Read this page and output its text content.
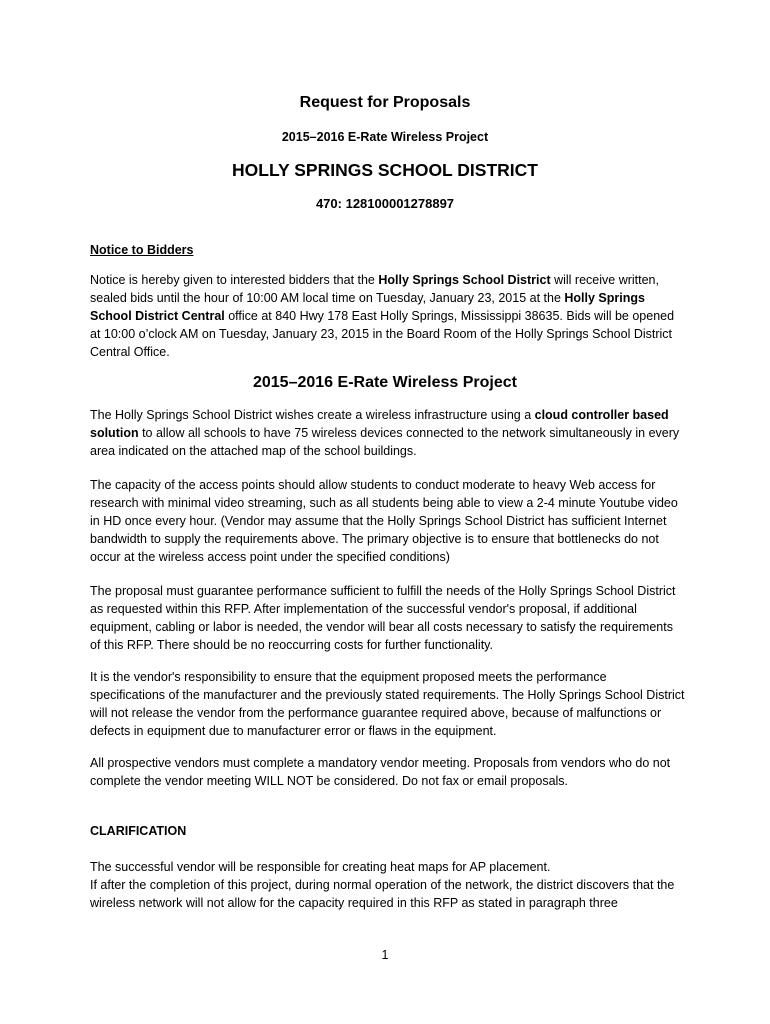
Request for Proposals
2015–2016 E-Rate Wireless Project
HOLLY SPRINGS SCHOOL DISTRICT
470: 128100001278897
Notice to Bidders
Notice is hereby given to interested bidders that the Holly Springs School District will receive written, sealed bids until the hour of 10:00 AM local time on Tuesday, January 23, 2015 at the Holly Springs School District Central office at 840 Hwy 178 East Holly Springs, Mississippi 38635. Bids will be opened at 10:00 o’clock AM on Tuesday, January 23, 2015 in the Board Room of the Holly Springs School District Central Office.
2015–2016 E-Rate Wireless Project
The Holly Springs School District wishes create a wireless infrastructure using a cloud controller based solution to allow all schools to have 75 wireless devices connected to the network simultaneously in every area indicated on the attached map of the school buildings.
The capacity of the access points should allow students to conduct moderate to heavy Web access for research with minimal video streaming, such as all students being able to view a 2-4 minute Youtube video in HD once every hour. (Vendor may assume that the Holly Springs School District has sufficient Internet bandwidth to supply the requirements above. The primary objective is to ensure that bottlenecks do not occur at the wireless access point under the specified conditions)
The proposal must guarantee performance sufficient to fulfill the needs of the Holly Springs School District as requested within this RFP. After implementation of the successful vendor's proposal, if additional equipment, cabling or labor is needed, the vendor will bear all costs necessary to satisfy the requirements of this RFP. There should be no reoccurring costs for further functionality.
It is the vendor's responsibility to ensure that the equipment proposed meets the performance specifications of the manufacturer and the previously stated requirements. The Holly Springs School District will not release the vendor from the performance guarantee required above, because of malfunctions or defects in equipment due to manufacturer error or flaws in the equipment.
All prospective vendors must complete a mandatory vendor meeting. Proposals from vendors who do not complete the vendor meeting WILL NOT be considered. Do not fax or email proposals.
CLARIFICATION
The successful vendor will be responsible for creating heat maps for AP placement.
If after the completion of this project, during normal operation of the network, the district discovers that the wireless network will not allow for the capacity required in this RFP as stated in paragraph three
1
